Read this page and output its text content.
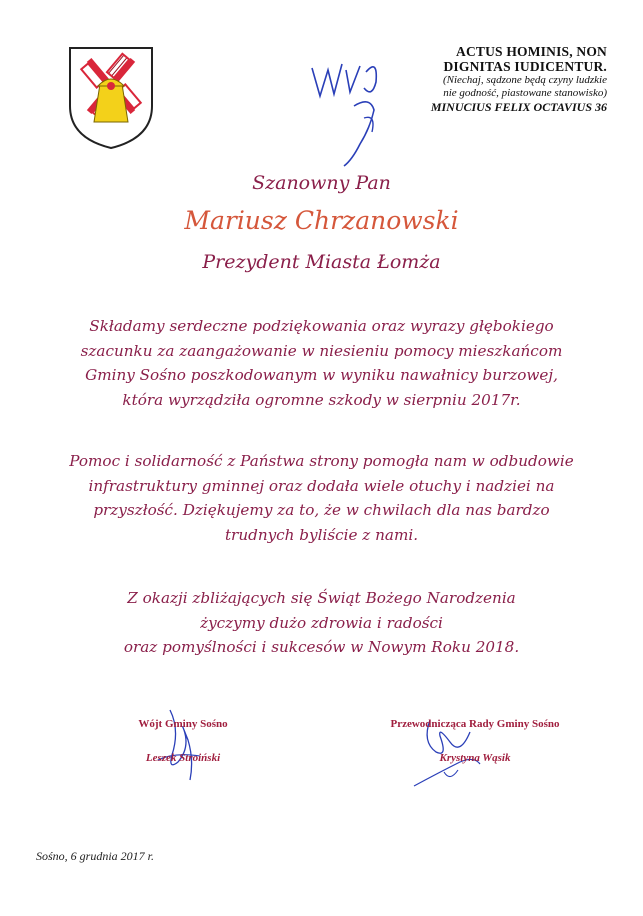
ACTUS HOMINIS, NON
DIGNITAS IUDICENTUR.
(Niechaj, sądzone będą czyny ludzkie
nie godność, piastowane stanowisko)
MINUCIUS FELIX OCTAVIUS 36
Szanowny Pan
Mariusz Chrzanowski
Prezydent Miasta Łomża
Składamy serdeczne podziękowania oraz wyrazy głębokiego
szacunku za zaangażowanie w niesieniu pomocy mieszkańcom
Gminy Sośno poszkodowanym w wyniku nawałnicy burzowej,
która wyrządziła ogromne szkody w sierpniu 2017r.
Pomoc i solidarność z Państwa strony pomogła nam w odbudowie
infrastruktury gminnej oraz dodała wiele otuchy i nadziei na
przyszłość. Dziękujemy za to, że w chwilach dla nas bardzo
trudnych byliście z nami.
Z okazji zbliżających się Świąt Bożego Narodzenia
życzymy dużo zdrowia i radości
oraz pomyślności i sukcesów w Nowym Roku 2018.
Wójt Gminy Sośno
Leszek Stroiński
Przewodnicząca Rady Gminy Sośno
Krystyna Wąsik
Sośno, 6 grudnia 2017 r.
